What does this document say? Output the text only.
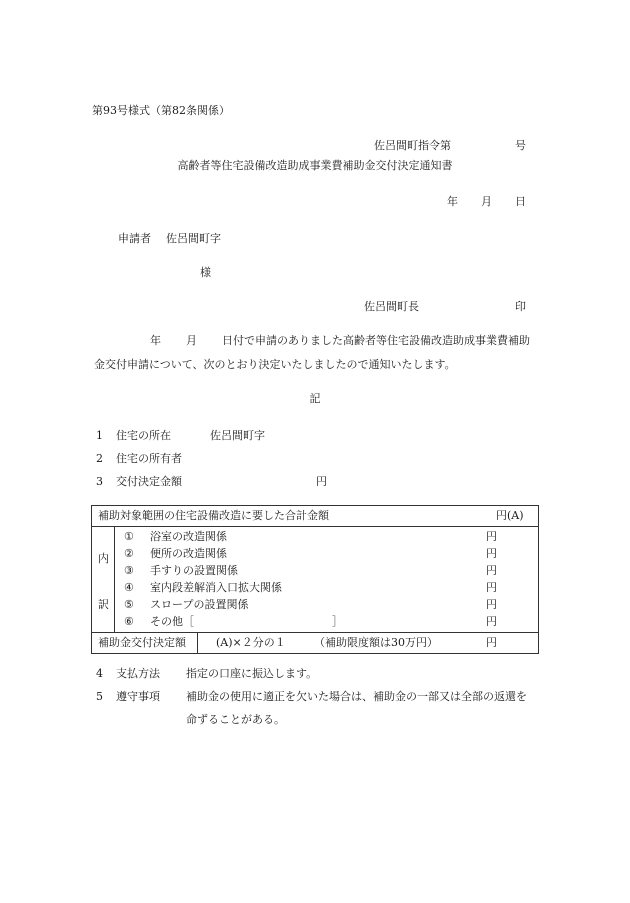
第93号様式（第82条関係）
佐呂間町指令第	号
高齢者等住宅設備改造助成事業費補助金交付決定通知書
年 月 日
申請者 佐呂間町字
様
佐呂間町長	印
年 月 日付で申請のありました高齢者等住宅設備改造助成事業費補助
金交付申請について、次のとおり決定いたしましたので通知いたします。
記
1 住宅の所在	佐呂間町字
2 住宅の所有者
3 交付決定金額	円
補助対象範囲の住宅設備改造に要した合計金額	円(A)
内
訳
① 浴室の改造関係	円
② 便所の改造関係	円
③ 手すりの設置関係	円
④ 室内段差解消入口拡大関係	円
⑤ スロープの設置関係	円
⑥ その他［	］	円
補助金交付決定額	(A)×２分の１	（補助限度額は30万円）	円
4 支払方法 指定の口座に振込します。
5 遵守事項 補助金の使用に適正を欠いた場合は、補助金の一部又は全部の返還を
命ずることがある。
